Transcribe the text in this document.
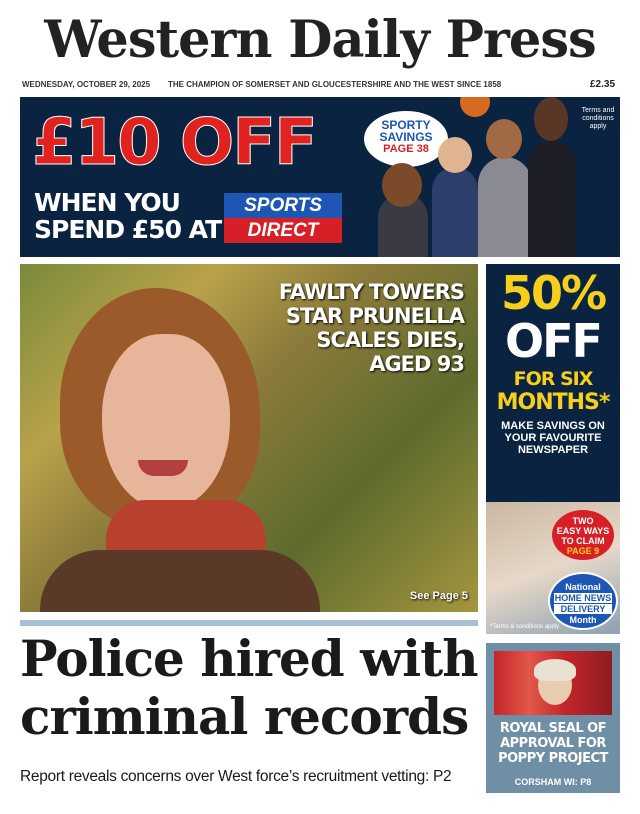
Western Daily Press
WEDNESDAY, OCTOBER 29, 2025 THE CHAMPION OF SOMERSET AND GLOUCESTERSHIRE AND THE WEST SINCE 1858	£2.35
£10 OFF
WHEN YOU
SPEND £50 AT
SPORTS
DIRECT
SPORTY
SAVINGS
PAGE 38
Terms and conditions apply
FAWLTY TOWERS STAR PRUNELLA SCALES DIES, AGED 93
See Page 5
50%
OFF
FOR SIX
MONTHS*
MAKE SAVINGS ON YOUR FAVOURITE NEWSPAPER
TWO
EASY WAYS
TO CLAIM
PAGE 9
National
HOME NEWS
DELIVERY
Month
*Terms & conditions apply
Police hired with
criminal records
Report reveals concerns over West force’s recruitment vetting: P2
ROYAL SEAL OF APPROVAL FOR POPPY PROJECT
CORSHAM WI: P8
